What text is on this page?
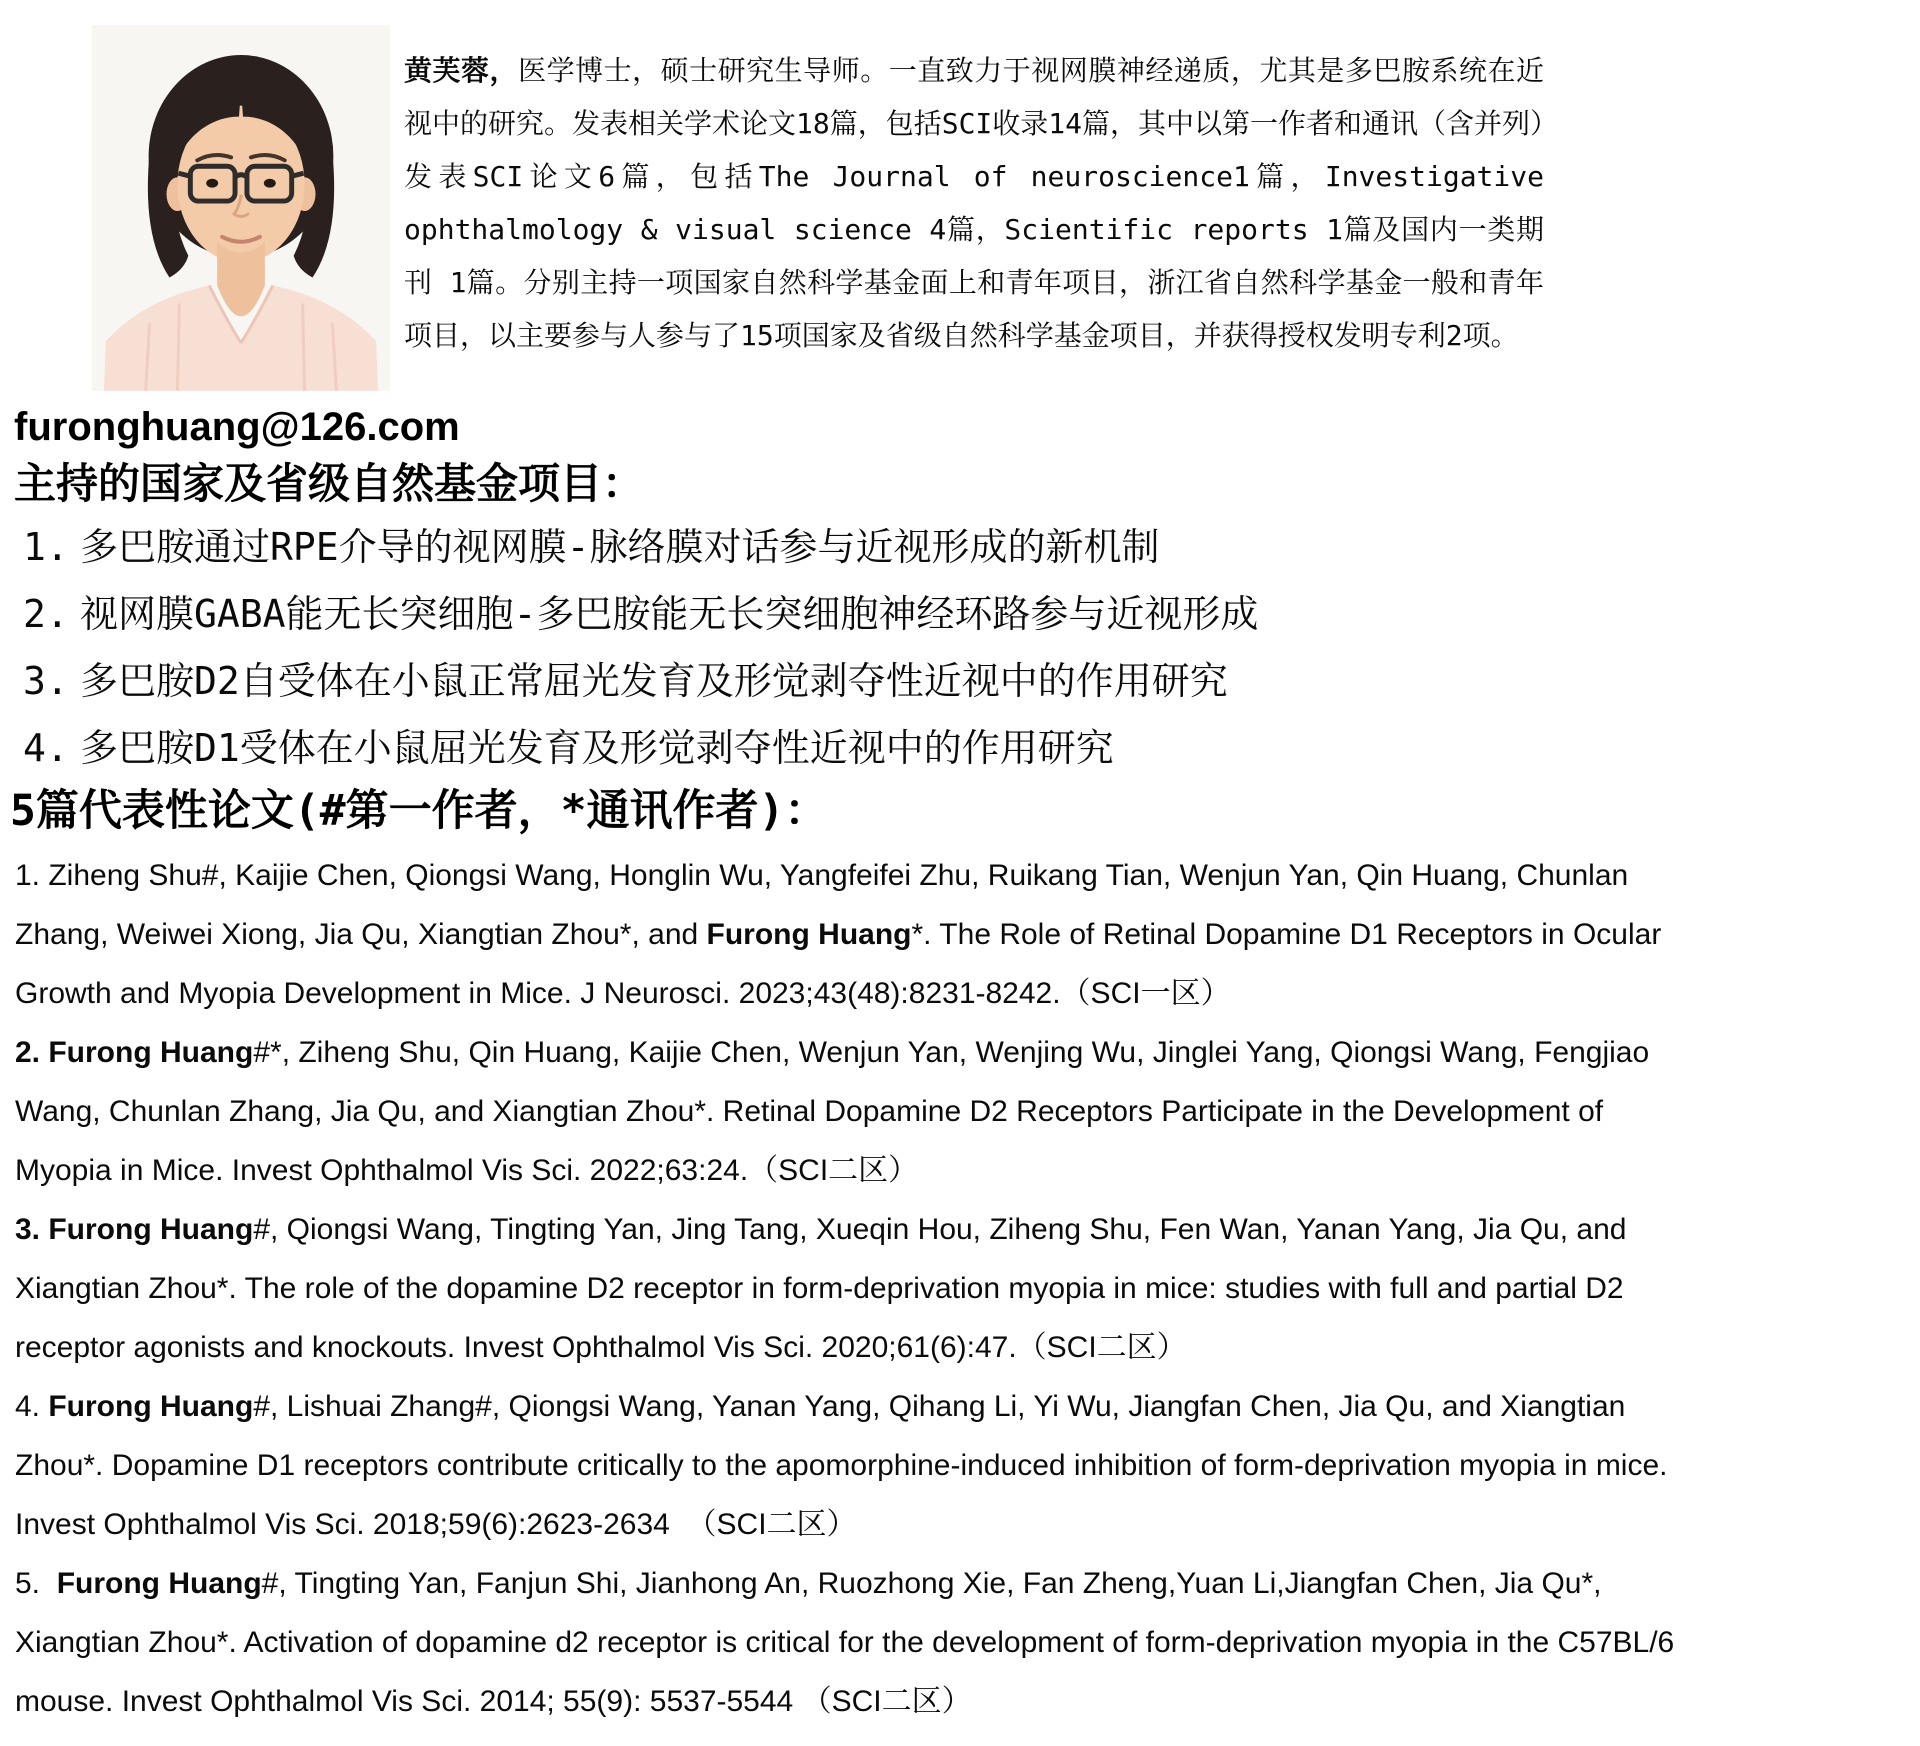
黄芙蓉，医学博士，硕士研究生导师。一直致力于视网膜神经递质，尤其是多巴胺系统在近视中的研究。发表相关学术论文18篇，包括SCI收录14篇，其中以第一作者和通讯（含并列）发表SCI论文6篇，包括The Journal of neuroscience1篇，Investigative ophthalmology & visual science 4篇，Scientific reports 1篇及国内一类期刊 1篇。分别主持一项国家自然科学基金面上和青年项目，浙江省自然科学基金一般和青年项目，以主要参与人参与了15项国家及省级自然科学基金项目，并获得授权发明专利2项。

furonghuang@126.com
主持的国家及省级自然基金项目：
1. 多巴胺通过RPE介导的视网膜-脉络膜对话参与近视形成的新机制
2. 视网膜GABA能无长突细胞-多巴胺能无长突细胞神经环路参与近视形成
3. 多巴胺D2自受体在小鼠正常屈光发育及形觉剥夺性近视中的作用研究
4. 多巴胺D1受体在小鼠屈光发育及形觉剥夺性近视中的作用研究
5篇代表性论文(#第一作者，*通讯作者)：

1. Ziheng Shu#, Kaijie Chen, Qiongsi Wang, Honglin Wu, Yangfeifei Zhu, Ruikang Tian, Wenjun Yan, Qin Huang, Chunlan Zhang, Weiwei Xiong, Jia Qu, Xiangtian Zhou*, and Furong Huang*. The Role of Retinal Dopamine D1 Receptors in Ocular Growth and Myopia Development in Mice. J Neurosci. 2023;43(48):8231-8242.（SCI一区）

2. Furong Huang#*, Ziheng Shu, Qin Huang, Kaijie Chen, Wenjun Yan, Wenjing Wu, Jinglei Yang, Qiongsi Wang, Fengjiao Wang, Chunlan Zhang, Jia Qu, and Xiangtian Zhou*. Retinal Dopamine D2 Receptors Participate in the Development of Myopia in Mice. Invest Ophthalmol Vis Sci. 2022;63:24.（SCI二区）

3. Furong Huang#, Qiongsi Wang, Tingting Yan, Jing Tang, Xueqin Hou, Ziheng Shu, Fen Wan, Yanan Yang, Jia Qu, and Xiangtian Zhou*. The role of the dopamine D2 receptor in form-deprivation myopia in mice: studies with full and partial D2 receptor agonists and knockouts. Invest Ophthalmol Vis Sci. 2020;61(6):47.（SCI二区）

4. Furong Huang#, Lishuai Zhang#, Qiongsi Wang, Yanan Yang, Qihang Li, Yi Wu, Jiangfan Chen, Jia Qu, and Xiangtian Zhou*. Dopamine D1 receptors contribute critically to the apomorphine-induced inhibition of form-deprivation myopia in mice. Invest Ophthalmol Vis Sci. 2018;59(6):2623-2634  （SCI二区）

5.  Furong Huang#, Tingting Yan, Fanjun Shi, Jianhong An, Ruozhong Xie, Fan Zheng,Yuan Li,Jiangfan Chen, Jia Qu*, Xiangtian Zhou*. Activation of dopamine d2 receptor is critical for the development of form-deprivation myopia in the C57BL/6 mouse. Invest Ophthalmol Vis Sci. 2014; 55(9): 5537-5544 （SCI二区）
